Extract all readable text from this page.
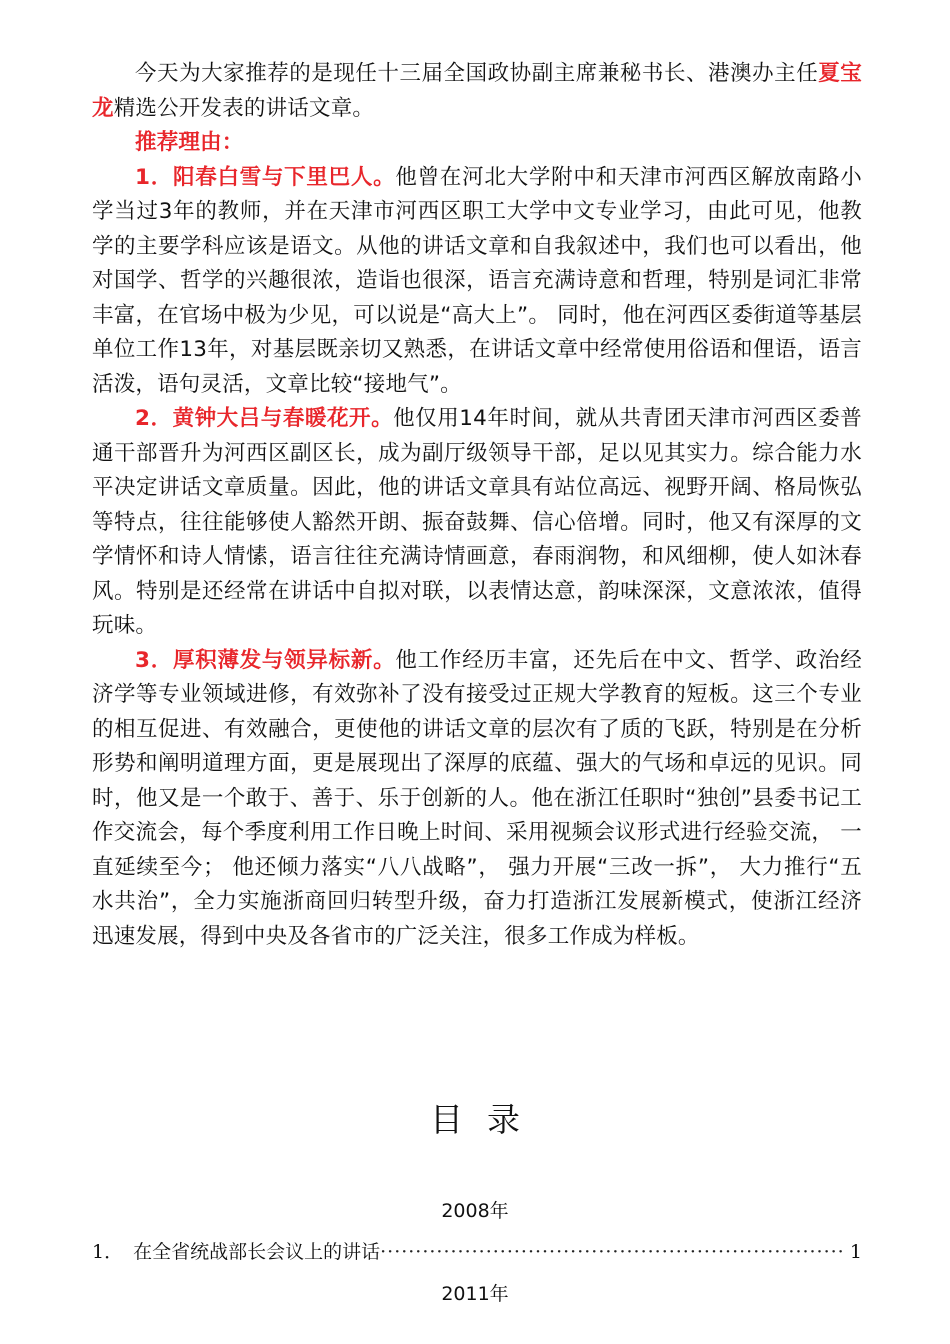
今天为大家推荐的是现任十三届全国政协副主席兼秘书长、港澳办主任夏宝龙精选公开发表的讲话文章。

推荐理由：

1．阳春白雪与下里巴人。他曾在河北大学附中和天津市河西区解放南路小学当过3年的教师，并在天津市河西区职工大学中文专业学习，由此可见，他教学的主要学科应该是语文。从他的讲话文章和自我叙述中，我们也可以看出，他对国学、哲学的兴趣很浓，造诣也很深，语言充满诗意和哲理，特别是词汇非常丰富，在官场中极为少见，可以说是“高大上”。 同时，他在河西区委街道等基层单位工作13年，对基层既亲切又熟悉，在讲话文章中经常使用俗语和俚语，语言活泼，语句灵活，文章比较“接地气”。

2．黄钟大吕与春暖花开。他仅用14年时间，就从共青团天津市河西区委普通干部晋升为河西区副区长，成为副厅级领导干部，足以见其实力。综合能力水平决定讲话文章质量。因此，他的讲话文章具有站位高远、视野开阔、格局恢弘等特点，往往能够使人豁然开朗、振奋鼓舞、信心倍增。同时，他又有深厚的文学情怀和诗人情愫，语言往往充满诗情画意，春雨润物，和风细柳，使人如沐春风。特别是还经常在讲话中自拟对联，以表情达意，韵味深深，文意浓浓，值得玩味。

3．厚积薄发与领异标新。他工作经历丰富，还先后在中文、哲学、政治经济学等专业领域进修，有效弥补了没有接受过正规大学教育的短板。这三个专业的相互促进、有效融合，更使他的讲话文章的层次有了质的飞跃，特别是在分析形势和阐明道理方面，更是展现出了深厚的底蕴、强大的气场和卓远的见识。同时，他又是一个敢于、善于、乐于创新的人。他在浙江任职时“独创”县委书记工作交流会，每个季度利用工作日晚上时间、采用视频会议形式进行经验交流， 一直延续至今； 他还倾力落实“八八战略”， 强力开展“三改一拆”， 大力推行“五水共治”，全力实施浙商回归转型升级，奋力打造浙江发展新模式，使浙江经济迅速发展，得到中央及各省市的广泛关注，很多工作成为样板。

目录
2008年
1． 在全省统战部长会议上的讲话
·····	1
2011年
